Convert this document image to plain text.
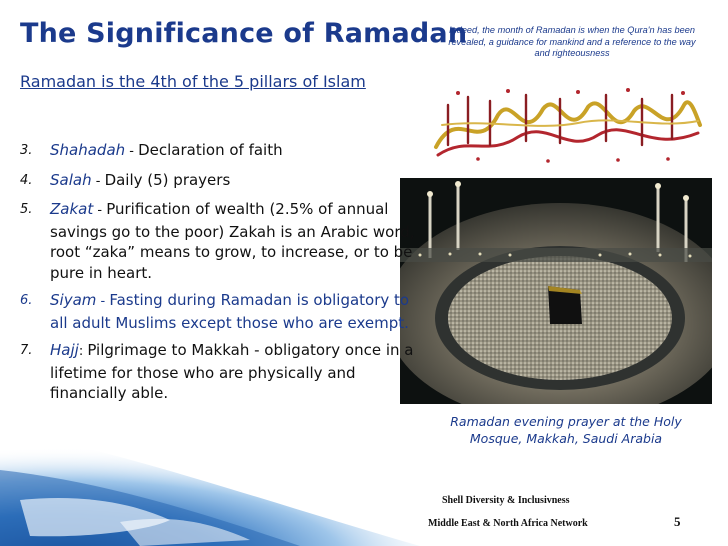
The Significance of Ramadan
Ramadan is the 4th of the 5 pillars of Islam
Indeed, the month of Ramadan is when the Qura'n has been revealed, a guidance for mankind and a reference to the way and righteousness
Ramadan evening prayer at the Holy Mosque, Makkah, Saudi Arabia
3. Shahadah - Declaration of faith
4. Salah - Daily (5) prayers
5. Zakat - Purification of wealth (2.5% of annual savings go to the poor) Zakah is an Arabic word, root “zaka” means to grow, to increase, or to be pure in heart.
6. Siyam - Fasting during Ramadan is obligatory to all adult Muslims except those who are exempt.
7. Hajj: Pilgrimage to Makkah - obligatory once in a lifetime for those who are physically and financially able.
Shell Diversity & Inclusivness
Middle East & North Africa Network	5
